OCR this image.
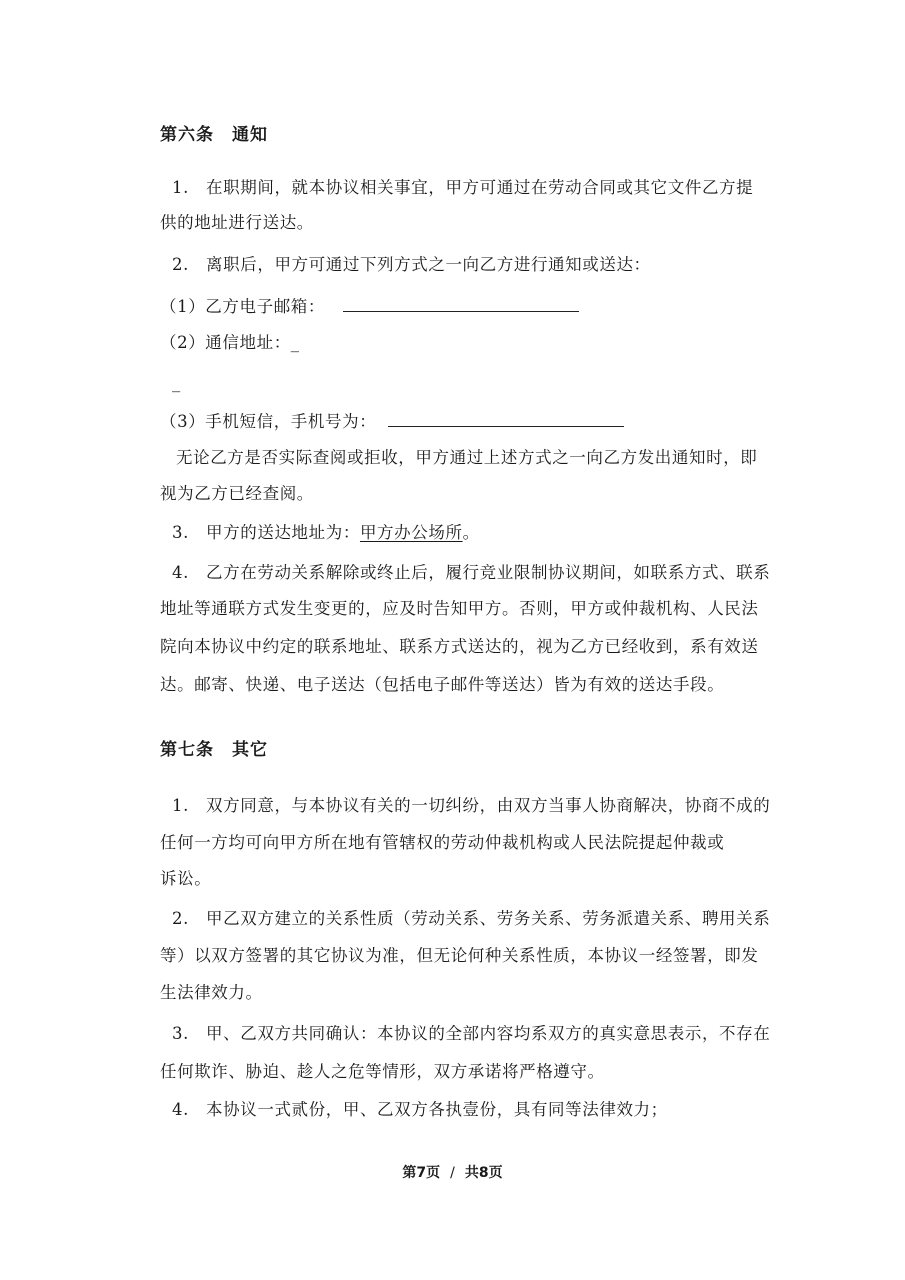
第六条　通知
1.　在职期间，就本协议相关事宜，甲方可通过在劳动合同或其它文件乙方提
供的地址进行送达。
2.　离职后，甲方可通过下列方式之一向乙方进行通知或送达：
（1）乙方电子邮箱：
（2）通信地址：_
_
（3）手机短信，手机号为：
无论乙方是否实际查阅或拒收，甲方通过上述方式之一向乙方发出通知时，即
视为乙方已经查阅。
3.　甲方的送达地址为：甲方办公场所。
4.　乙方在劳动关系解除或终止后，履行竞业限制协议期间，如联系方式、联系
地址等通联方式发生变更的，应及时告知甲方。否则，甲方或仲裁机构、人民法
院向本协议中约定的联系地址、联系方式送达的，视为乙方已经收到，系有效送
达。邮寄、快递、电子送达（包括电子邮件等送达）皆为有效的送达手段。
第七条　其它
1.　双方同意，与本协议有关的一切纠纷，由双方当事人协商解决，协商不成的
任何一方均可向甲方所在地有管辖权的劳动仲裁机构或人民法院提起仲裁或
诉讼。
2.　甲乙双方建立的关系性质（劳动关系、劳务关系、劳务派遣关系、聘用关系
等）以双方签署的其它协议为准，但无论何种关系性质，本协议一经签署，即发
生法律效力。
3.　甲、乙双方共同确认：本协议的全部内容均系双方的真实意思表示，不存在
任何欺诈、胁迫、趁人之危等情形，双方承诺将严格遵守。
4.　本协议一式贰份，甲、乙双方各执壹份，具有同等法律效力；
第7页 / 共8页
